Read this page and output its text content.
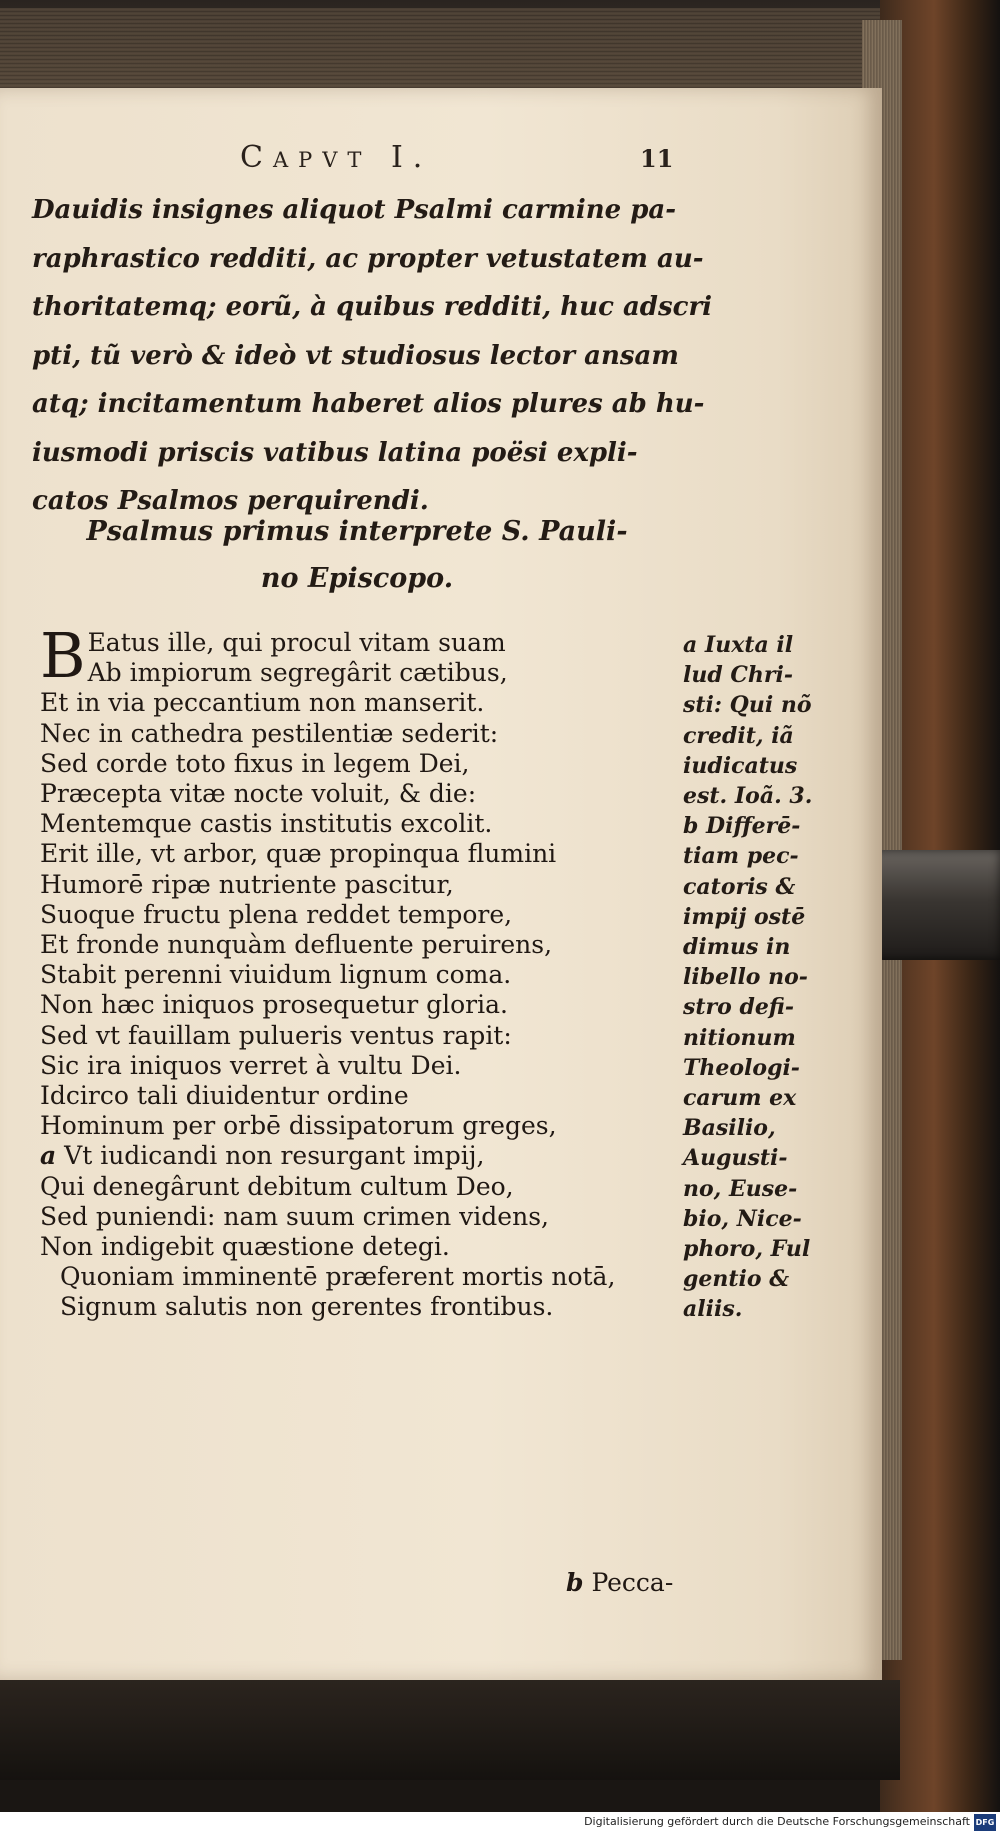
Capvt I.	11
Dauidis insignes aliquot Psalmi carmine pa-
raphrastico redditi, ac propter vetustatem au-
thoritatemq; eorũ, à quibus redditi, huc adscri
pti, tũ verò & ideò vt studiosus lector ansam
atq; incitamentum haberet alios plures ab hu-
iusmodi priscis vatibus latina poësi expli-
catos Psalmos perquirendi.
Psalmus primus interprete S. Pauli-
no Episcopo.
B Eatus ille, qui procul vitam suam
Ab impiorum segregârit cætibus,
Et in via peccantium non manserit.
Nec in cathedra pestilentiæ sederit:
Sed corde toto fixus in legem Dei,
Præcepta vitæ nocte voluit, & die:
Mentemque castis institutis excolit.
Erit ille, vt arbor, quæ propinqua flumini
Humorē ripæ nutriente pascitur,
Suoque fructu plena reddet tempore,
Et fronde nunquàm defluente peruirens,
Stabit perenni viuidum lignum coma.
Non hæc iniquos prosequetur gloria.
Sed vt fauillam pulueris ventus rapit:
Sic ira iniquos verret à vultu Dei.
Idcirco tali diuidentur ordine
Hominum per orbē dissipatorum greges,
a Vt iudicandi non resurgant impij,
Qui denegârunt debitum cultum Deo,
Sed puniendi: nam suum crimen videns,
Non indigebit quæstione detegi.
Quoniam imminentē præferent mortis notā,
Signum salutis non gerentes frontibus.
a Iuxta il
lud Chri-
sti: Qui nõ
credit, iã
iudicatus
est. Ioã. 3.
b Differē-
tiam pec-
catoris &
impij ostē
dimus in
libello no-
stro defi-
nitionum
Theologi-
carum ex
Basilio,
Augusti-
no, Euse-
bio, Nice-
phoro, Ful
gentio &
aliis.
b Pecca-
Digitalisierung gefördert durch die Deutsche Forschungsgemeinschaft DFG
